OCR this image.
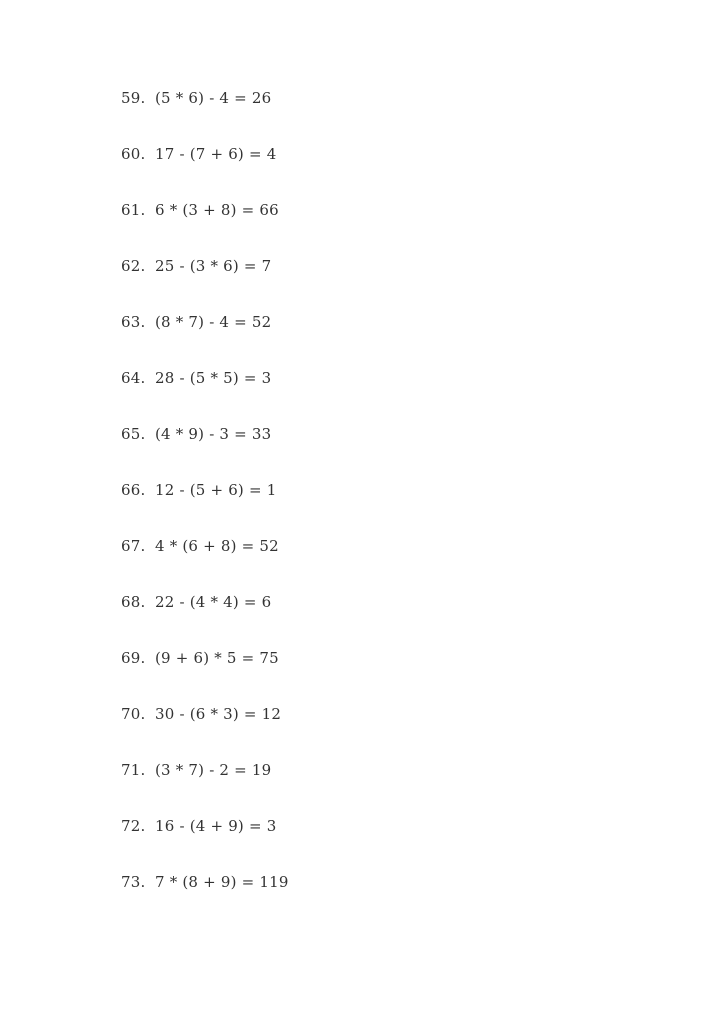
59. (5 * 6) - 4 = 26
60. 17 - (7 + 6) = 4
61. 6 * (3 + 8) = 66
62. 25 - (3 * 6) = 7
63. (8 * 7) - 4 = 52
64. 28 - (5 * 5) = 3
65. (4 * 9) - 3 = 33
66. 12 - (5 + 6) = 1
67. 4 * (6 + 8) = 52
68. 22 - (4 * 4) = 6
69. (9 + 6) * 5 = 75
70. 30 - (6 * 3) = 12
71. (3 * 7) - 2 = 19
72. 16 - (4 + 9) = 3
73. 7 * (8 + 9) = 119
